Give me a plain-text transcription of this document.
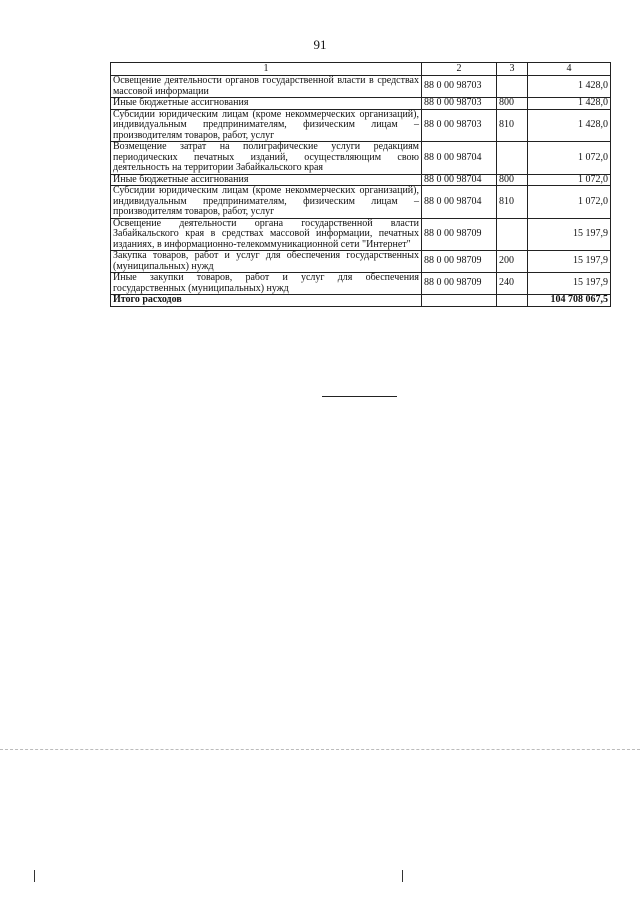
91
1	2	3	4
Освещение деятельности органов государственной власти в средствах массовой информации	88 0 00 98703		1 428,0
Иные бюджетные ассигнования	88 0 00 98703	800	1 428,0
Субсидии юридическим лицам (кроме некоммерческих организаций), индивидуальным предпринимателям, физическим лицам – производителям товаров, работ, услуг	88 0 00 98703	810	1 428,0
Возмещение затрат на полиграфические услуги редакциям периодических печатных изданий, осуществляющим свою деятельность на территории Забайкальского края	88 0 00 98704		1 072,0
Иные бюджетные ассигнования	88 0 00 98704	800	1 072,0
Субсидии юридическим лицам (кроме некоммерческих организаций), индивидуальным предпринимателям, физическим лицам – производителям товаров, работ, услуг	88 0 00 98704	810	1 072,0
Освещение деятельности органа государственной власти Забайкальского края в средствах массовой информации, печатных изданиях, в информационно-телекоммуникационной сети "Интернет"	88 0 00 98709		15 197,9
Закупка товаров, работ и услуг для обеспечения государственных (муниципальных) нужд	88 0 00 98709	200	15 197,9
Иные закупки товаров, работ и услуг для обеспечения государственных (муниципальных) нужд	88 0 00 98709	240	15 197,9
Итого расходов			104 708 067,5
